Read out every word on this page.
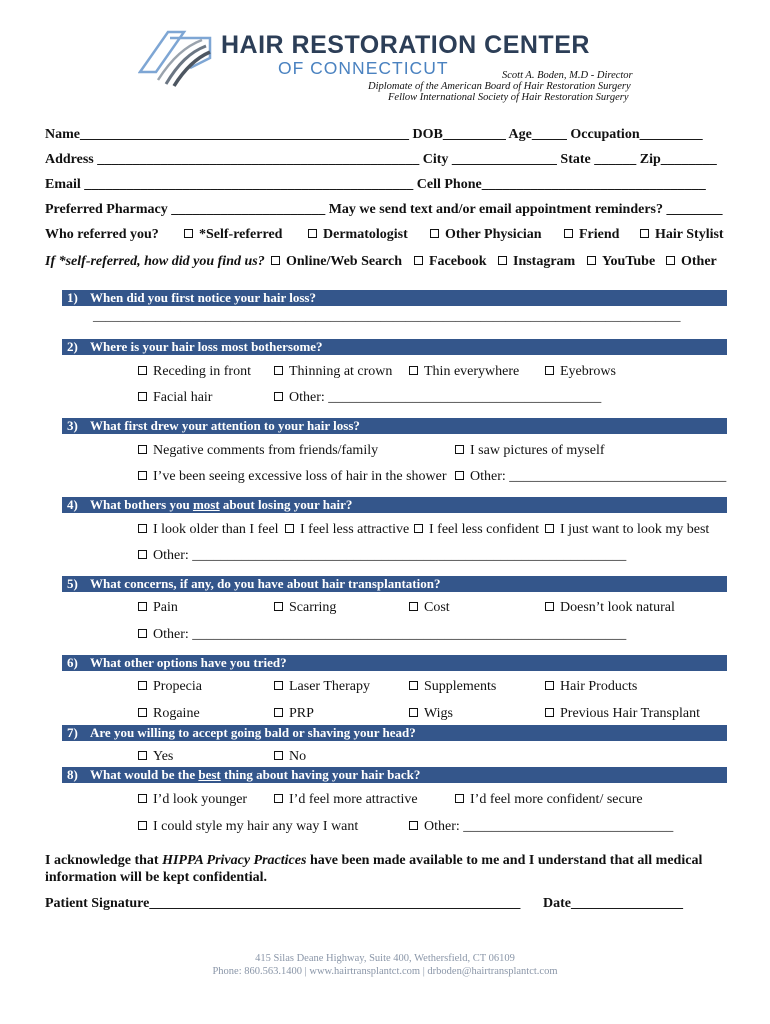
HAIR RESTORATION CENTER
OF CONNECTICUT	Scott A. Boden, M.D - Director
Diplomate of the American Board of Hair Restoration Surgery
Fellow International Society of Hair Restoration Surgery
Name_______________________________________________ DOB_________ Age_____ Occupation_________
Address ______________________________________________ City _______________ State ______ Zip________
Email _______________________________________________ Cell Phone________________________________
Preferred Pharmacy ______________________ May we send text and/or email appointment reminders? ________
Who referred you?	*Self-referred	Dermatologist	Other Physician	Friend	Hair Stylist
If *self-referred, how did you find us?	Online/Web Search	Facebook	Instagram	YouTube	Other
1) When did you first notice your hair loss?
______________________________________________________________________________________________
2) Where is your hair loss most bothersome?
Receding in front	Thinning at crown	Thin everywhere	Eyebrows
Facial hair	Other: _______________________________________
3) What first drew your attention to your hair loss?
Negative comments from friends/family	I saw pictures of myself
I’ve been seeing excessive loss of hair in the shower	Other: _______________________________
4) What bothers you most about losing your hair?
I look older than I feel	I feel less attractive	I feel less confident	I just want to look my best
Other: ______________________________________________________________
5) What concerns, if any, do you have about hair transplantation?
Pain	Scarring	Cost	Doesn’t look natural
Other: ______________________________________________________________
6) What other options have you tried?
Propecia	Laser Therapy	Supplements	Hair Products
Rogaine	PRP	Wigs	Previous Hair Transplant
7) Are you willing to accept going bald or shaving your head?
Yes	No
8) What would be the best thing about having your hair back?
I’d look younger	I’d feel more attractive	I’d feel more confident/ secure
I could style my hair any way I want	Other: ______________________________
I acknowledge that HIPPA Privacy Practices have been made available to me and I understand that all medical
information will be kept confidential.
Patient Signature_____________________________________________________ Date________________
415 Silas Deane Highway, Suite 400, Wethersfield, CT 06109
Phone: 860.563.1400 | www.hairtransplantct.com | drboden@hairtransplantct.com
